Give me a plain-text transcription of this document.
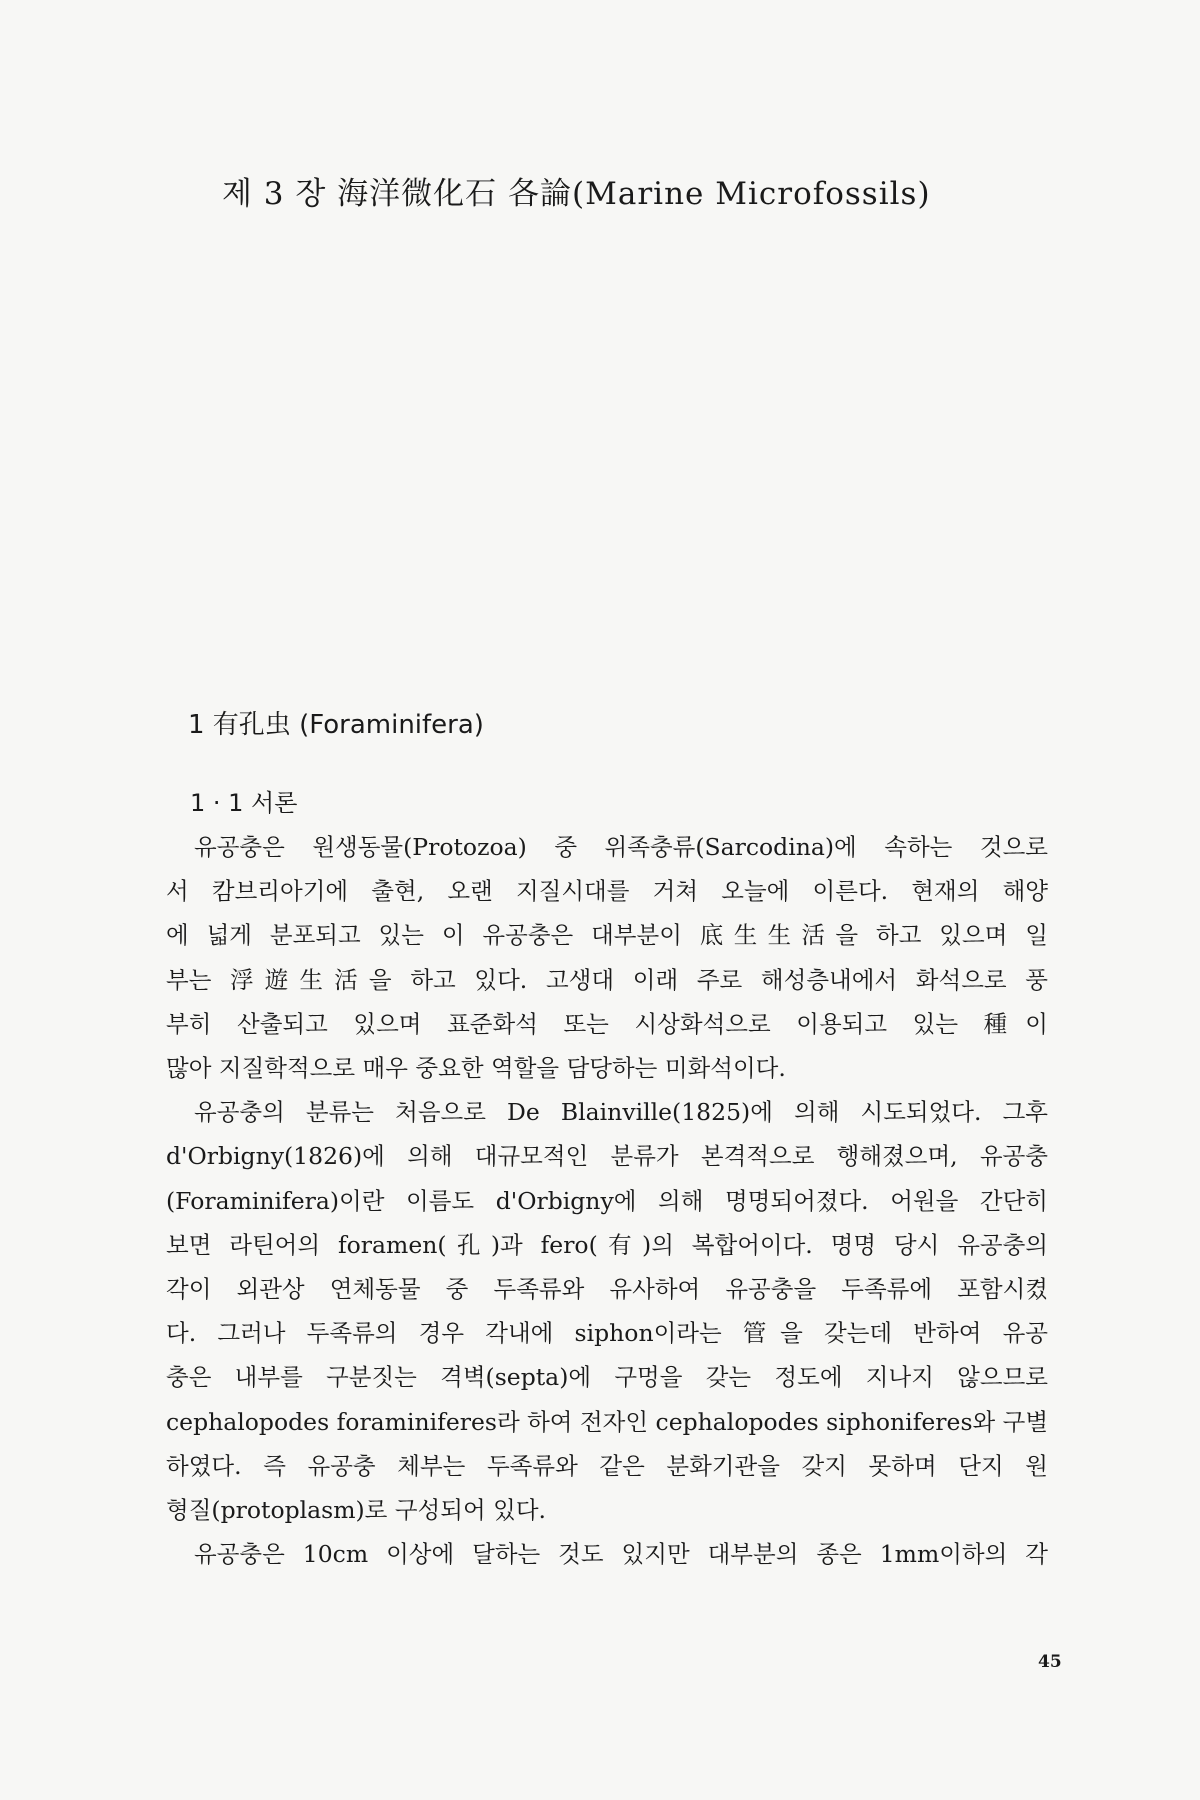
제 3 장 海洋微化石 各論(Marine Microfossils)
1 有孔虫 (Foraminifera)
1 · 1 서론
유공충은 원생동물(Protozoa) 중 위족충류(Sarcodina)에 속하는 것으로
서 캄브리아기에 출현, 오랜 지질시대를 거쳐 오늘에 이른다. 현재의 해양
에 넓게 분포되고 있는 이 유공충은 대부분이 底生生活을 하고 있으며 일
부는 浮遊生活을 하고 있다. 고생대 이래 주로 해성층내에서 화석으로 풍
부히 산출되고 있으며 표준화석 또는 시상화석으로 이용되고 있는 種이
많아 지질학적으로 매우 중요한 역할을 담당하는 미화석이다.
유공충의 분류는 처음으로 De Blainville(1825)에 의해 시도되었다. 그후
d'Orbigny(1826)에 의해 대규모적인 분류가 본격적으로 행해졌으며, 유공충
(Foraminifera)이란 이름도 d'Orbigny에 의해 명명되어졌다. 어원을 간단히
보면 라틴어의 foramen(孔)과 fero(有)의 복합어이다. 명명 당시 유공충의
각이 외관상 연체동물 중 두족류와 유사하여 유공충을 두족류에 포함시켰
다. 그러나 두족류의 경우 각내에 siphon이라는 管을 갖는데 반하여 유공
충은 내부를 구분짓는 격벽(septa)에 구멍을 갖는 정도에 지나지 않으므로
cephalopodes foraminiferes라 하여 전자인 cephalopodes siphoniferes와 구별
하였다. 즉 유공충 체부는 두족류와 같은 분화기관을 갖지 못하며 단지 원
형질(protoplasm)로 구성되어 있다.
유공충은 10cm 이상에 달하는 것도 있지만 대부분의 종은 1mm이하의 각
45
